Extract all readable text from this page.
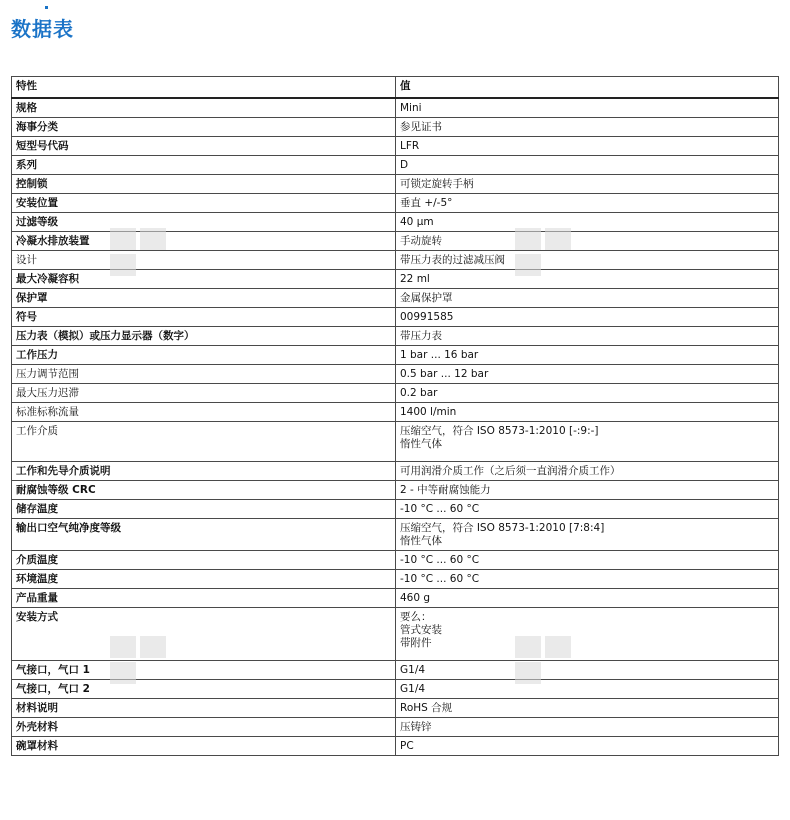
数据表
特性	值
规格	Mini

海事分类	参见证书

短型号代码	LFR

系列	D

控制锁	可锁定旋转手柄

安装位置	垂直 +/-5°

过滤等级	40 µm

冷凝水排放装置	手动旋转

设计	带压力表的过滤减压阀

最大冷凝容积	22 ml

保护罩	金属保护罩

符号	00991585

压力表（模拟）或压力显示器（数字）	带压力表

工作压力	1 bar ... 16 bar

压力调节范围	0.5 bar ... 12 bar

最大压力迟滞	0.2 bar

标准标称流量	1400 l/min

工作介质	压缩空气，符合 ISO 8573-1:2010 [-:9:-]
惰性气体

工作和先导介质说明	可用润滑介质工作（之后须一直润滑介质工作）

耐腐蚀等级 CRC	2 - 中等耐腐蚀能力

储存温度	-10 °C ... 60 °C

输出口空气纯净度等级	压缩空气，符合 ISO 8573-1:2010 [7:8:4]
惰性气体

介质温度	-10 °C ... 60 °C

环境温度	-10 °C ... 60 °C

产品重量	460 g

安装方式	要么：
管式安装
带附件

气接口，气口 1	G1/4

气接口，气口 2	G1/4

材料说明	RoHS 合规

外壳材料	压铸锌

碗罩材料	PC
